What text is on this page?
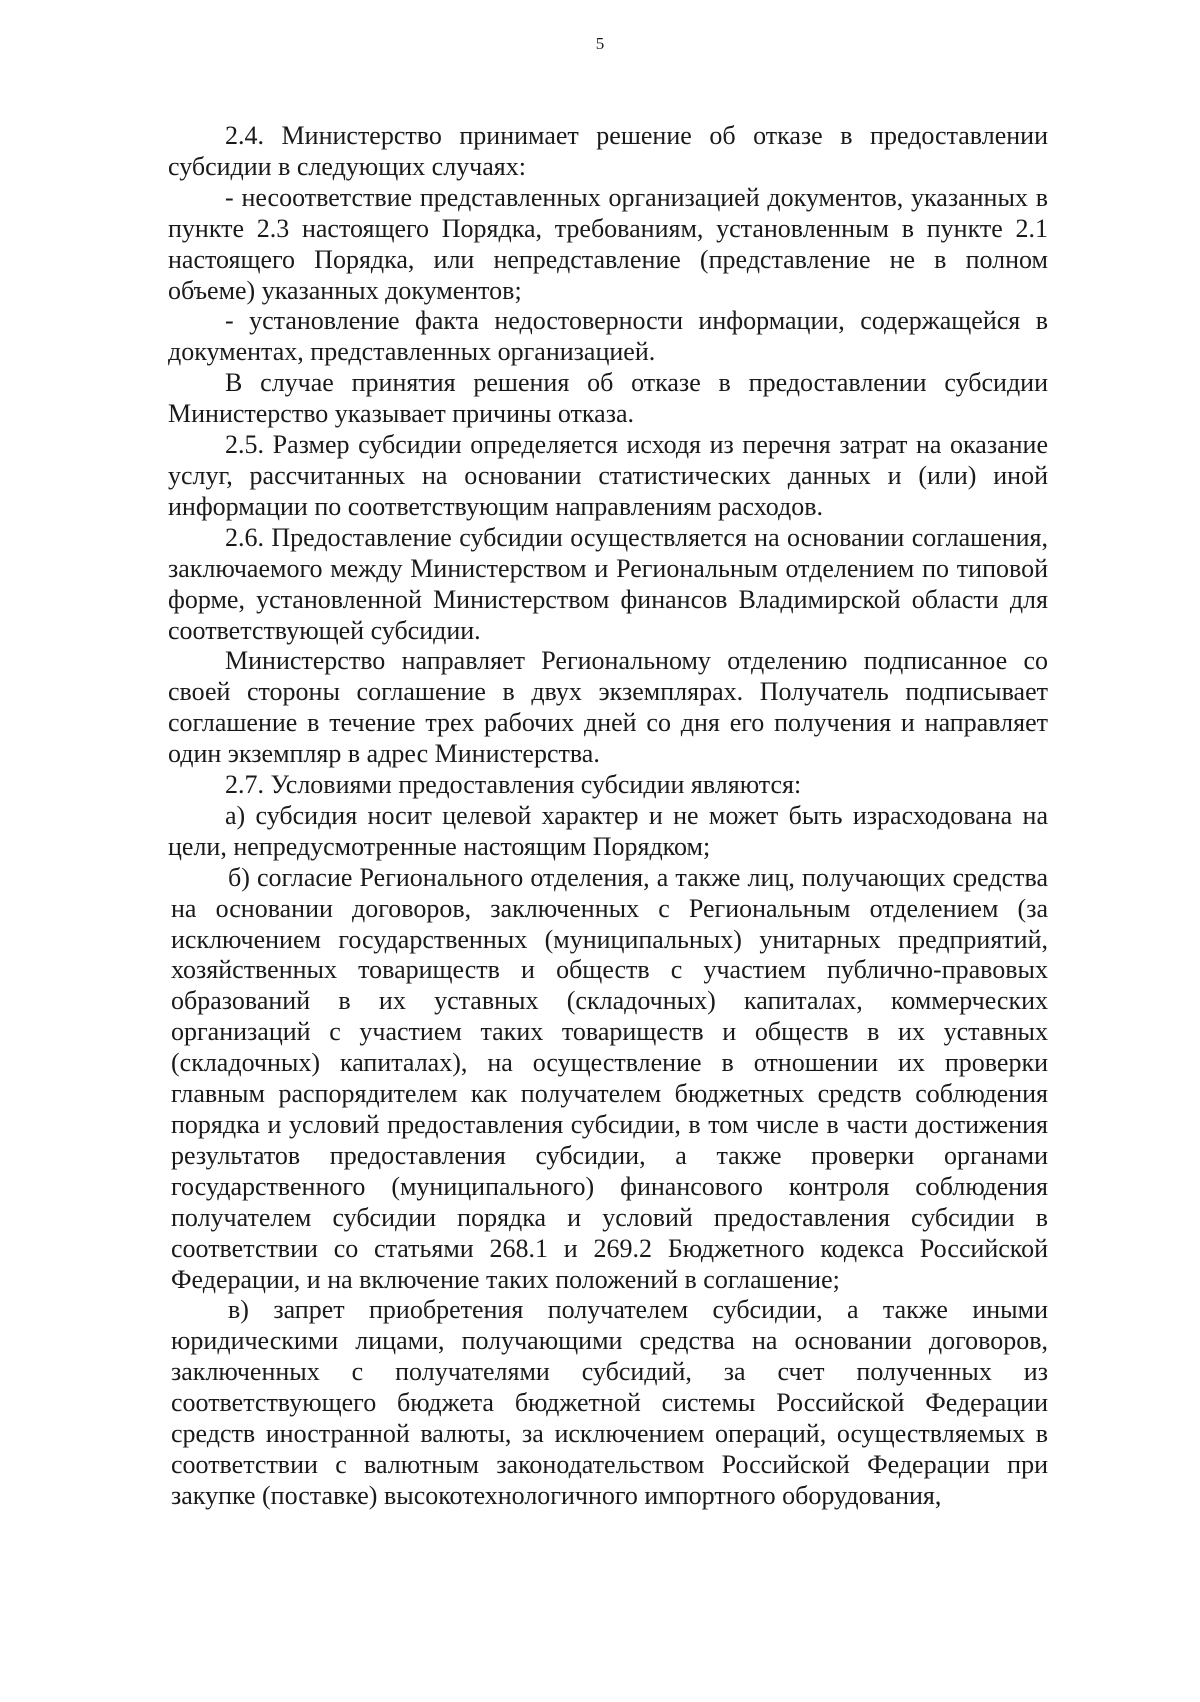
5

2.4. Министерство принимает решение об отказе в предоставлении субсидии в следующих случаях:

- несоответствие представленных организацией документов, указанных в пункте 2.3 настоящего Порядка, требованиям, установленным в пункте 2.1 настоящего Порядка, или непредставление (представление не в полном объеме) указанных документов;

- установление факта недостоверности информации, содержащейся в документах, представленных организацией.

В случае принятия решения об отказе в предоставлении субсидии Министерство указывает причины отказа.

2.5. Размер субсидии определяется исходя из перечня затрат на оказание услуг, рассчитанных на основании статистических данных и (или) иной информации по соответствующим направлениям расходов.

2.6. Предоставление субсидии осуществляется на основании соглашения, заключаемого между Министерством и Региональным отделением по типовой форме, установленной Министерством финансов Владимирской области для соответствующей субсидии.

Министерство направляет Региональному отделению подписанное со своей стороны соглашение в двух экземплярах. Получатель подписывает соглашение в течение трех рабочих дней со дня его получения и направляет один экземпляр в адрес Министерства.

2.7. Условиями предоставления субсидии являются:

а) субсидия носит целевой характер и не может быть израсходована на цели, непредусмотренные настоящим Порядком;

б) согласие Регионального отделения, а также лиц, получающих средства на основании договоров, заключенных с Региональным отделением (за исключением государственных (муниципальных) унитарных предприятий, хозяйственных товариществ и обществ с участием публично-правовых образований в их уставных (складочных) капиталах, коммерческих организаций с участием таких товариществ и обществ в их уставных (складочных) капиталах), на осуществление в отношении их проверки главным распорядителем как получателем бюджетных средств соблюдения порядка и условий предоставления субсидии, в том числе в части достижения результатов предоставления субсидии, а также проверки органами государственного (муниципального) финансового контроля соблюдения получателем субсидии порядка и условий предоставления субсидии в соответствии со статьями 268.1 и 269.2 Бюджетного кодекса Российской Федерации, и на включение таких положений в соглашение;

в) запрет приобретения получателем субсидии, а также иными юридическими лицами, получающими средства на основании договоров, заключенных с получателями субсидий, за счет полученных из соответствующего бюджета бюджетной системы Российской Федерации средств иностранной валюты, за исключением операций, осуществляемых в соответствии с валютным законодательством Российской Федерации при закупке (поставке) высокотехнологичного импортного оборудования,
